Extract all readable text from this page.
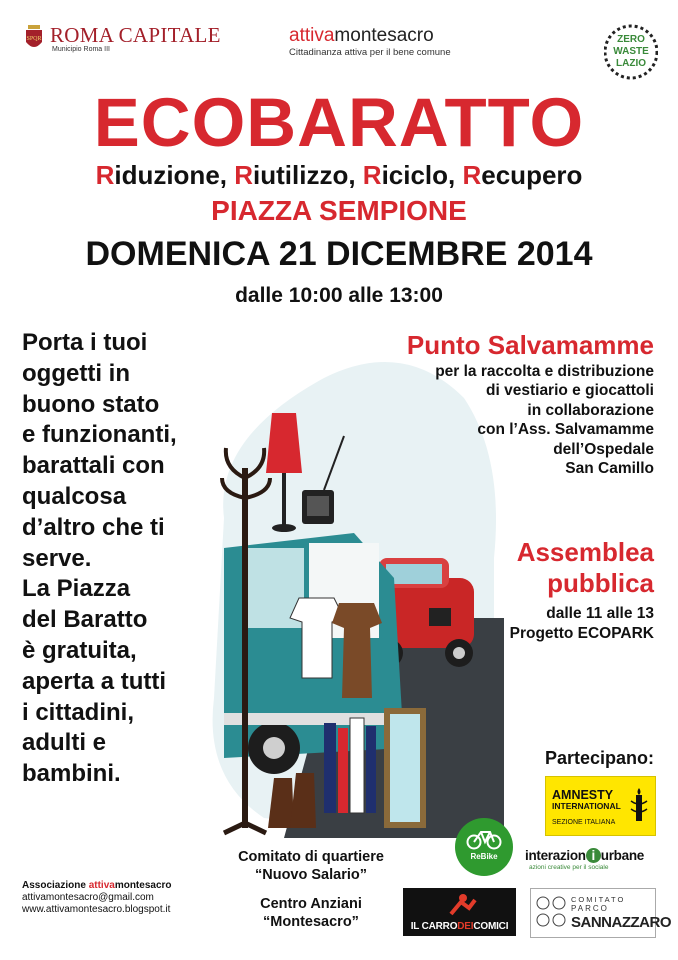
SPQR ROMA CAPITALE
Municipio Roma III
attivamontesacro
Cittadinanza attiva per il bene comune
ZERO
WASTE
LAZIO
ECOBARATTO
Riduzione, Riutilizzo, Riciclo, Recupero
PIAZZA SEMPIONE
DOMENICA 21 DICEMBRE 2014
dalle 10:00 alle 13:00
Porta i tuoi
oggetti in
buono stato
e funzionanti,
barattali con
qualcosa
d’altro che ti
serve.
La Piazza
del Baratto
è gratuita,
aperta a tutti
i cittadini,
adulti e
bambini.
Punto Salvamamme
per la raccolta e distribuzione
di vestiario e giocattoli
in collaborazione
con l’Ass. Salvamamme
dell’Ospedale
San Camillo
Assemblea
pubblica
dalle 11 alle 13
Progetto ECOPARK
Partecipano:
AMNESTY
INTERNATIONAL
SEZIONE ITALIANA
ReBike	interazion i urbane
azioni creative per il sociale
Comitato di quartiere
“Nuovo Salario”
Centro Anziani
“Montesacro”	IL CARRODEICOMICI
COMITATO
PARCO
SANNAZZARO
Associazione attivamontesacro
attivamontesacro@gmail.com
www.attivamontesacro.blogspot.it
